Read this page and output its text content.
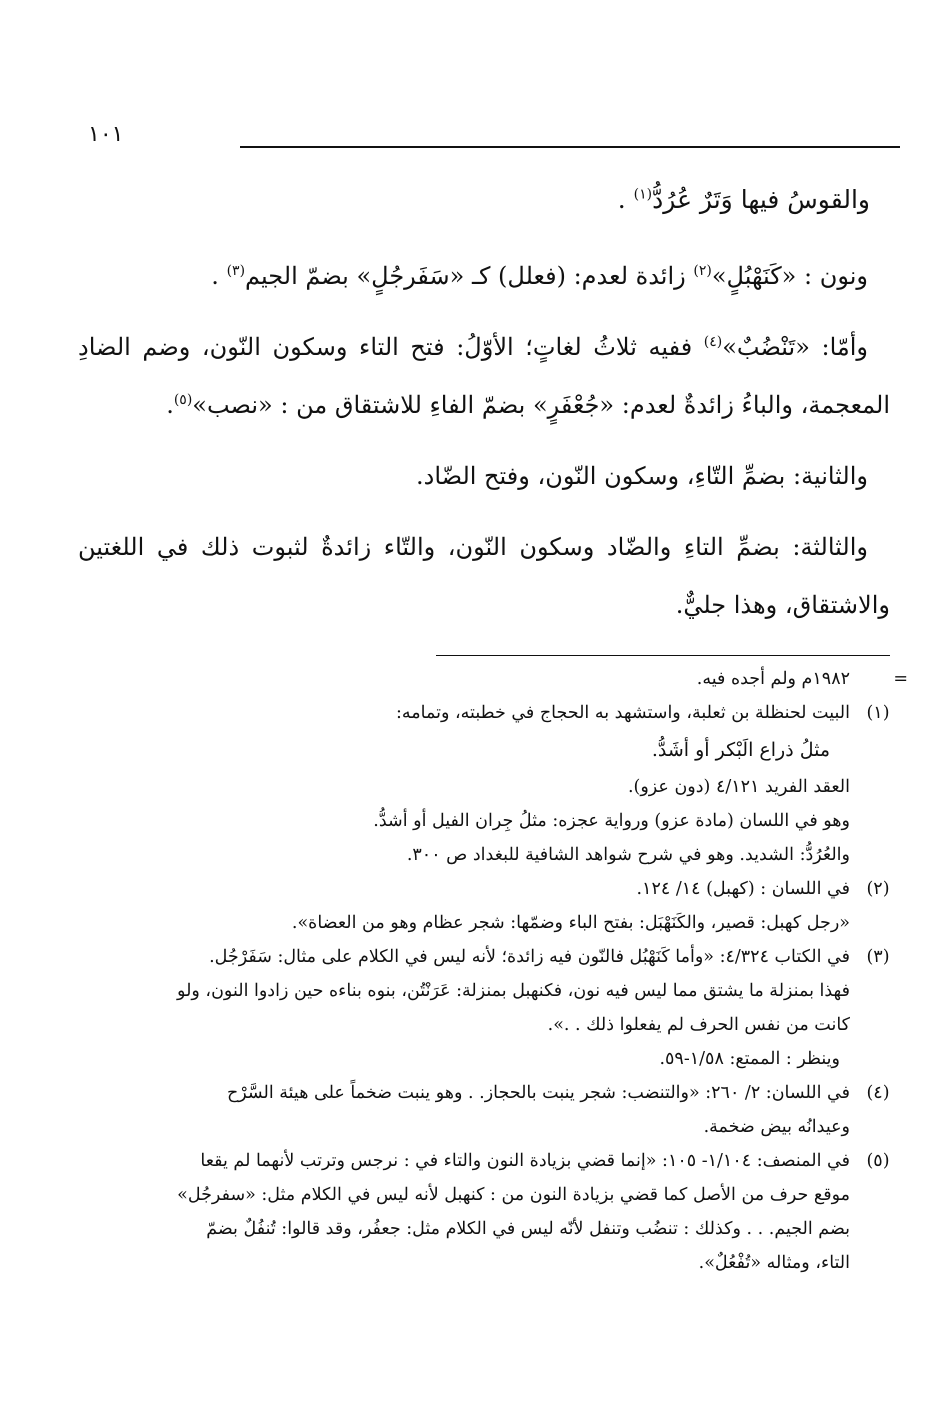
١٠١

والقوسُ فيها وَتَرٌ عُرُدُّ$^{(١)}$ .

ونون : «كَنَهْبُلٍ»$^{(٢)}$ زائدة لعدم: (فعلل) كـ «سَفَرجُلٍ» بضمّ الجيم$^{(٣)}$ .

وأمّا: «تَنْضُبٌ»$^{(٤)}$ ففيه ثلاثُ لغاتٍ؛ الأوّلُ: فتح التاء وسكون النّون، وضم الضادِ المعجمة، والباءُ زائدةٌ لعدم: «جُعْفَرٍ» بضمّ الفاءِ للاشتقاق من : «نصب»$^{(٥)}$.

والثانية: بضمِّ التّاءِ، وسكون النّون، وفتح الضّاد.

والثالثة: بضمِّ التاءِ والضّاد وسكون النّون، والتّاء زائدةٌ لثبوت ذلك في اللغتين والاشتقاق، وهذا جليٌّ.

=
١٩٨٢م ولم أجده فيه.

(١)
البيت لحنظلة بن ثعلبة، واستشهد به الحجاج في خطبته، وتمامه:
مثلُ ذراع الَبْكر أو أشَدُّ.
العقد الفريد ٤/١٢١ (دون عزو).
وهو في اللسان (مادة عزو) ورواية عجزه: مثلُ جِران الفيل أو أشدُّ.
والعُرُدُّ: الشديد. وهو في شرح شواهد الشافية للبغداد ص ٣٠٠.
(٢)
في اللسان : (كهبل) ١٤/ ١٢٤.
«رجل كهبل: قصير، والكَنَهْبَل: بفتح الباء وضمّها: شجر عظام وهو من العضاة».
(٣)
في الكتاب ٤/٣٢٤: «وأما كَنَهْبُل فالنّون فيه زائدة؛ لأنه ليس في الكلام على مثال: سَفَرْجُل.
فهذا بمنزلة ما يشتق مما ليس فيه نون، فكنهبل بمنزلة: عَرَنْتُن، بنوه بناءه حين زادوا النون، ولو
كانت من نفس الحرف لم يفعلوا ذلك . .».
وينظر : الممتع: ١/٥٨-٥٩.
(٤)
في اللسان: ٢/ ٢٦٠: «والتنضب: شجر ينبت بالحجاز. . وهو ينبت ضخماً على هيئة السَّرْح
وعيدانُه بيض ضخمة.
(٥)
في المنصف: ١/١٠٤- ١٠٥: «إنما قضي بزيادة النون والتاء في : نرجس وترتب لأنهما لم يقعا
موقع حرف من الأصل كما قضي بزيادة النون من : كنهبل لأنه ليس في الكلام مثل: «سفرجُل»
بضم الجيم. . . وكذلك : تنضُب وتنفل لأنّه ليس في الكلام مثل: جعفُر، وقد قالوا: تُنفُلٌ بضمّ
التاء، ومثاله «تُفْعُلٌ».
